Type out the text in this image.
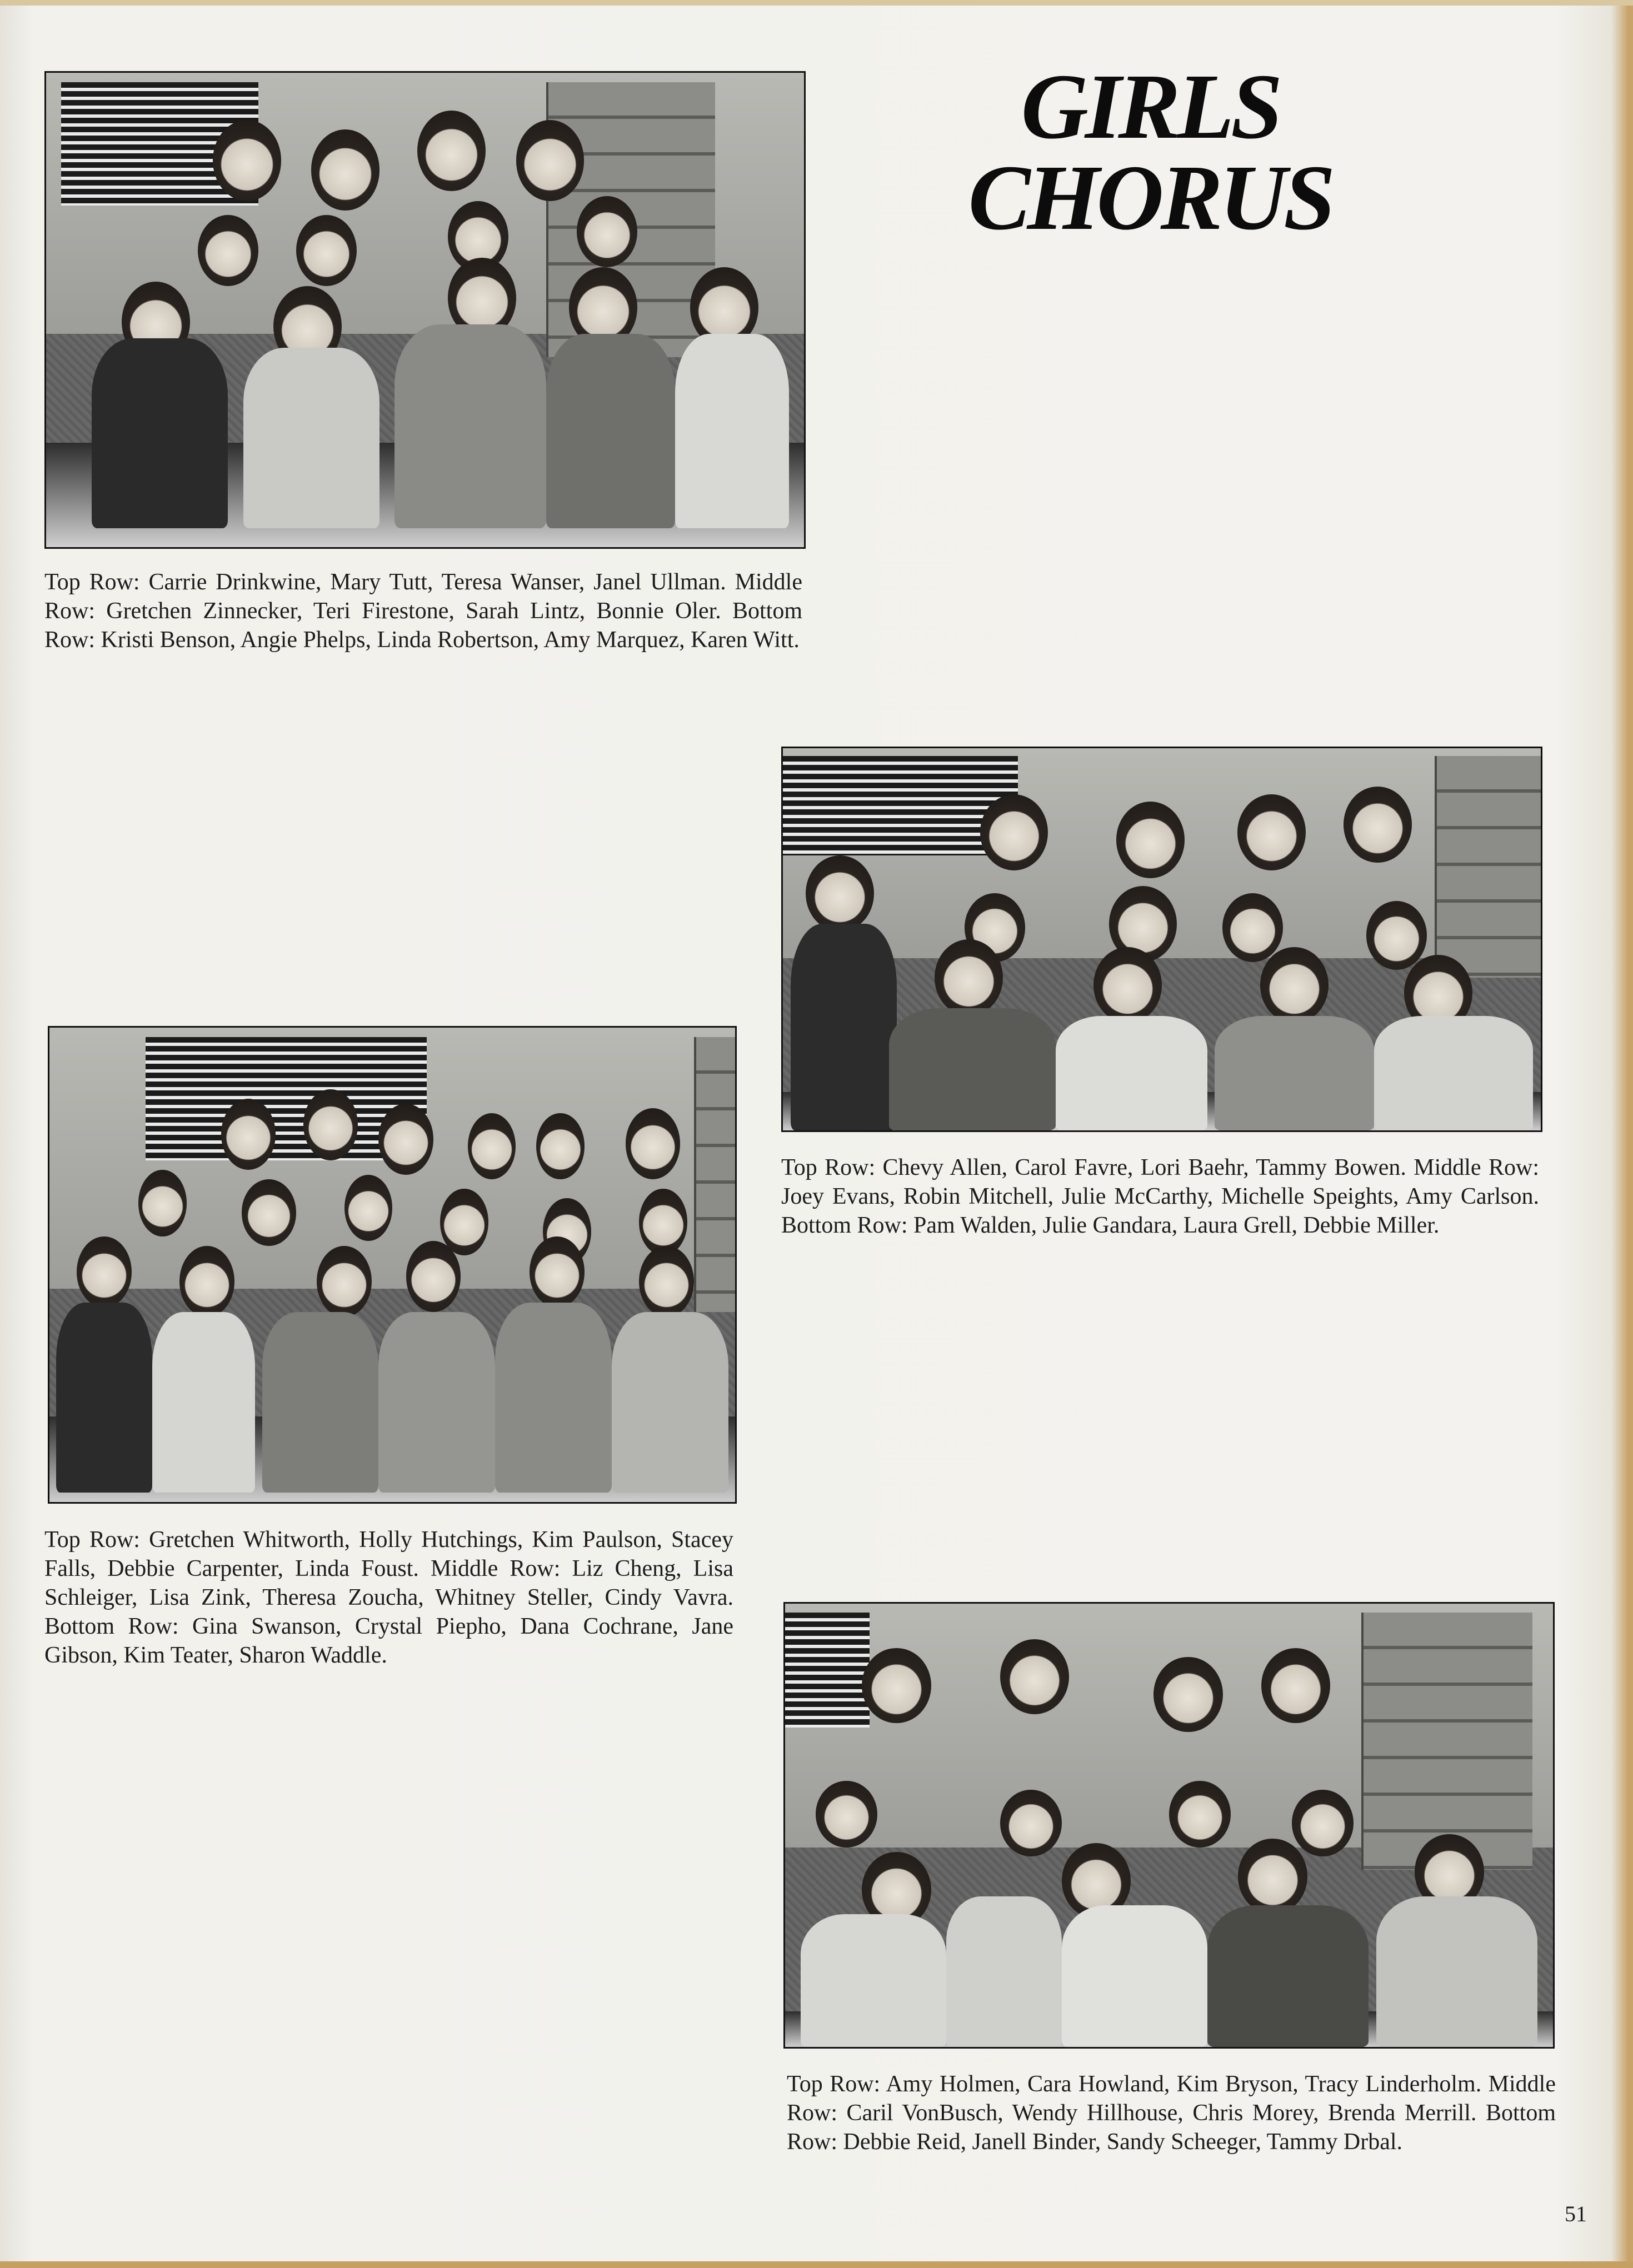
GIRLS
CHORUS
Top Row: Carrie Drinkwine, Mary Tutt, Teresa Wanser, Janel Ullman. Middle Row: Gretchen Zinnecker, Teri Firestone, Sarah Lintz, Bonnie Oler. Bottom Row: Kristi Benson, Angie Phelps, Linda Robertson, Amy Marquez, Karen Witt.
Top Row: Chevy Allen, Carol Favre, Lori Baehr, Tammy Bowen. Middle Row: Joey Evans, Robin Mitchell, Julie McCarthy, Michelle Speights, Amy Carlson. Bottom Row: Pam Walden, Julie Gandara, Laura Grell, Debbie Miller.
Top Row: Gretchen Whitworth, Holly Hutchings, Kim Paulson, Stacey Falls, Debbie Carpenter, Linda Foust. Middle Row: Liz Cheng, Lisa Schleiger, Lisa Zink, Theresa Zoucha, Whitney Steller, Cindy Vavra. Bottom Row: Gina Swanson, Crystal Piepho, Dana Cochrane, Jane Gibson, Kim Teater, Sharon Waddle.
Top Row: Amy Holmen, Cara Howland, Kim Bryson, Tracy Linderholm. Middle Row: Caril VonBusch, Wendy Hillhouse, Chris Morey, Brenda Merrill. Bottom Row: Debbie Reid, Janell Binder, Sandy Scheeger, Tammy Drbal.
51
